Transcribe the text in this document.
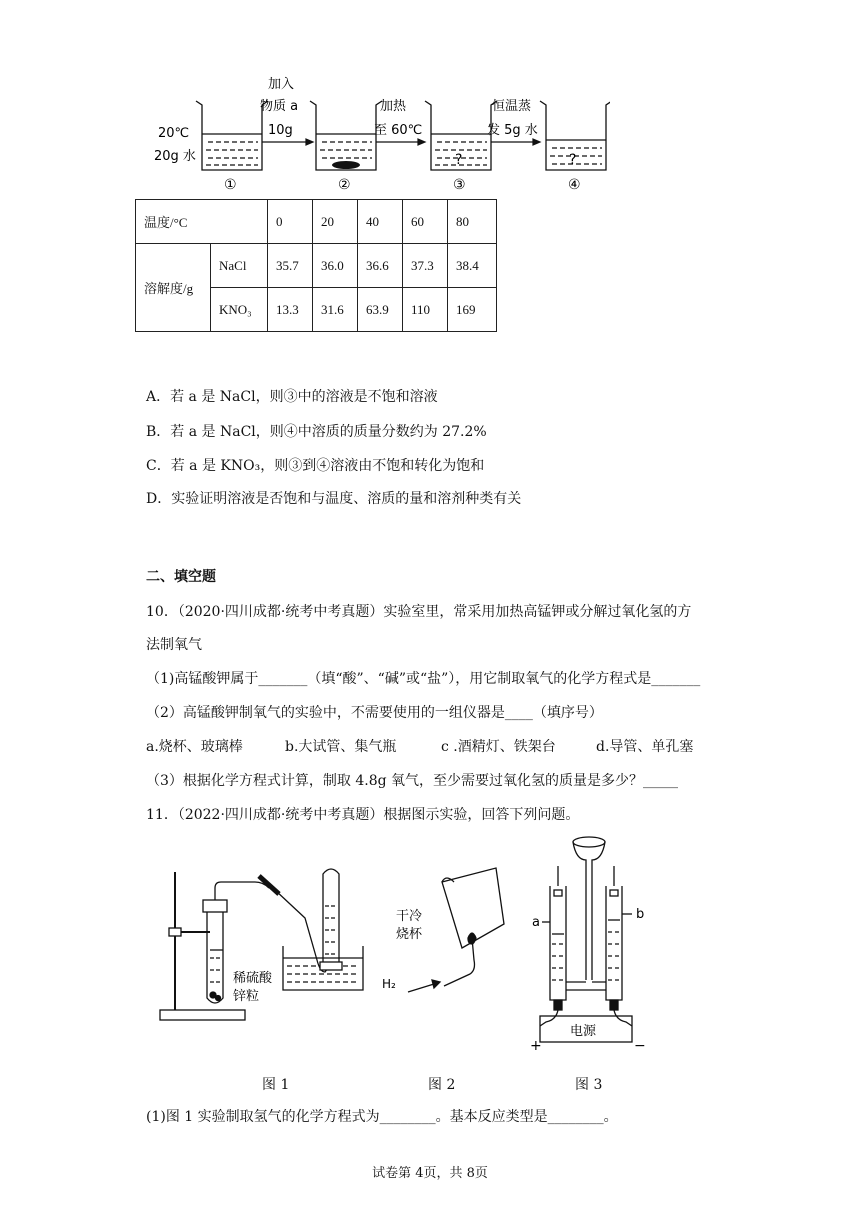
20℃
20g 水
加入
物质 a
10g
加热
至 60℃
恒温蒸
发 5g 水
?	?
①	②	③	④
温度/°C		0	20	40	60	80
溶解度/g	NaCl	35.7	36.0	36.6	37.3	38.4
	KNO₃	13.3	31.6	63.9	110	169
A．若 a 是 NaCl，则③中的溶液是不饱和溶液
B．若 a 是 NaCl，则④中溶质的质量分数约为 27.2%
C．若 a 是 KNO₃，则③到④溶液由不饱和转化为饱和
D．实验证明溶液是否饱和与温度、溶质的量和溶剂种类有关
二、填空题
10．（2020·四川成都·统考中考真题）实验室里，常采用加热高锰钾或分解过氧化氢的方
法制氧气
（1)高锰酸钾属于_______（填“酸”、“碱”或“盐”），用它制取氧气的化学方程式是_______
（2）高锰酸钾制氧气的实验中，不需要使用的一组仪器是____（填序号）
a.烧杯、玻璃棒	b.大试管、集气瓶	c .酒精灯、铁架台	d.导管、单孔塞
（3）根据化学方程式计算，制取 4.8g 氧气，至少需要过氧化氢的质量是多少？_____
11．（2022·四川成都·统考中考真题）根据图示实验，回答下列问题。
稀硫酸
锌粒
干冷
烧杯
H₂
a
b
电源
+	−
图 1	图 2	图 3
(1)图 1 实验制取氢气的化学方程式为________。基本反应类型是________。
试卷第 4页，共 8页
